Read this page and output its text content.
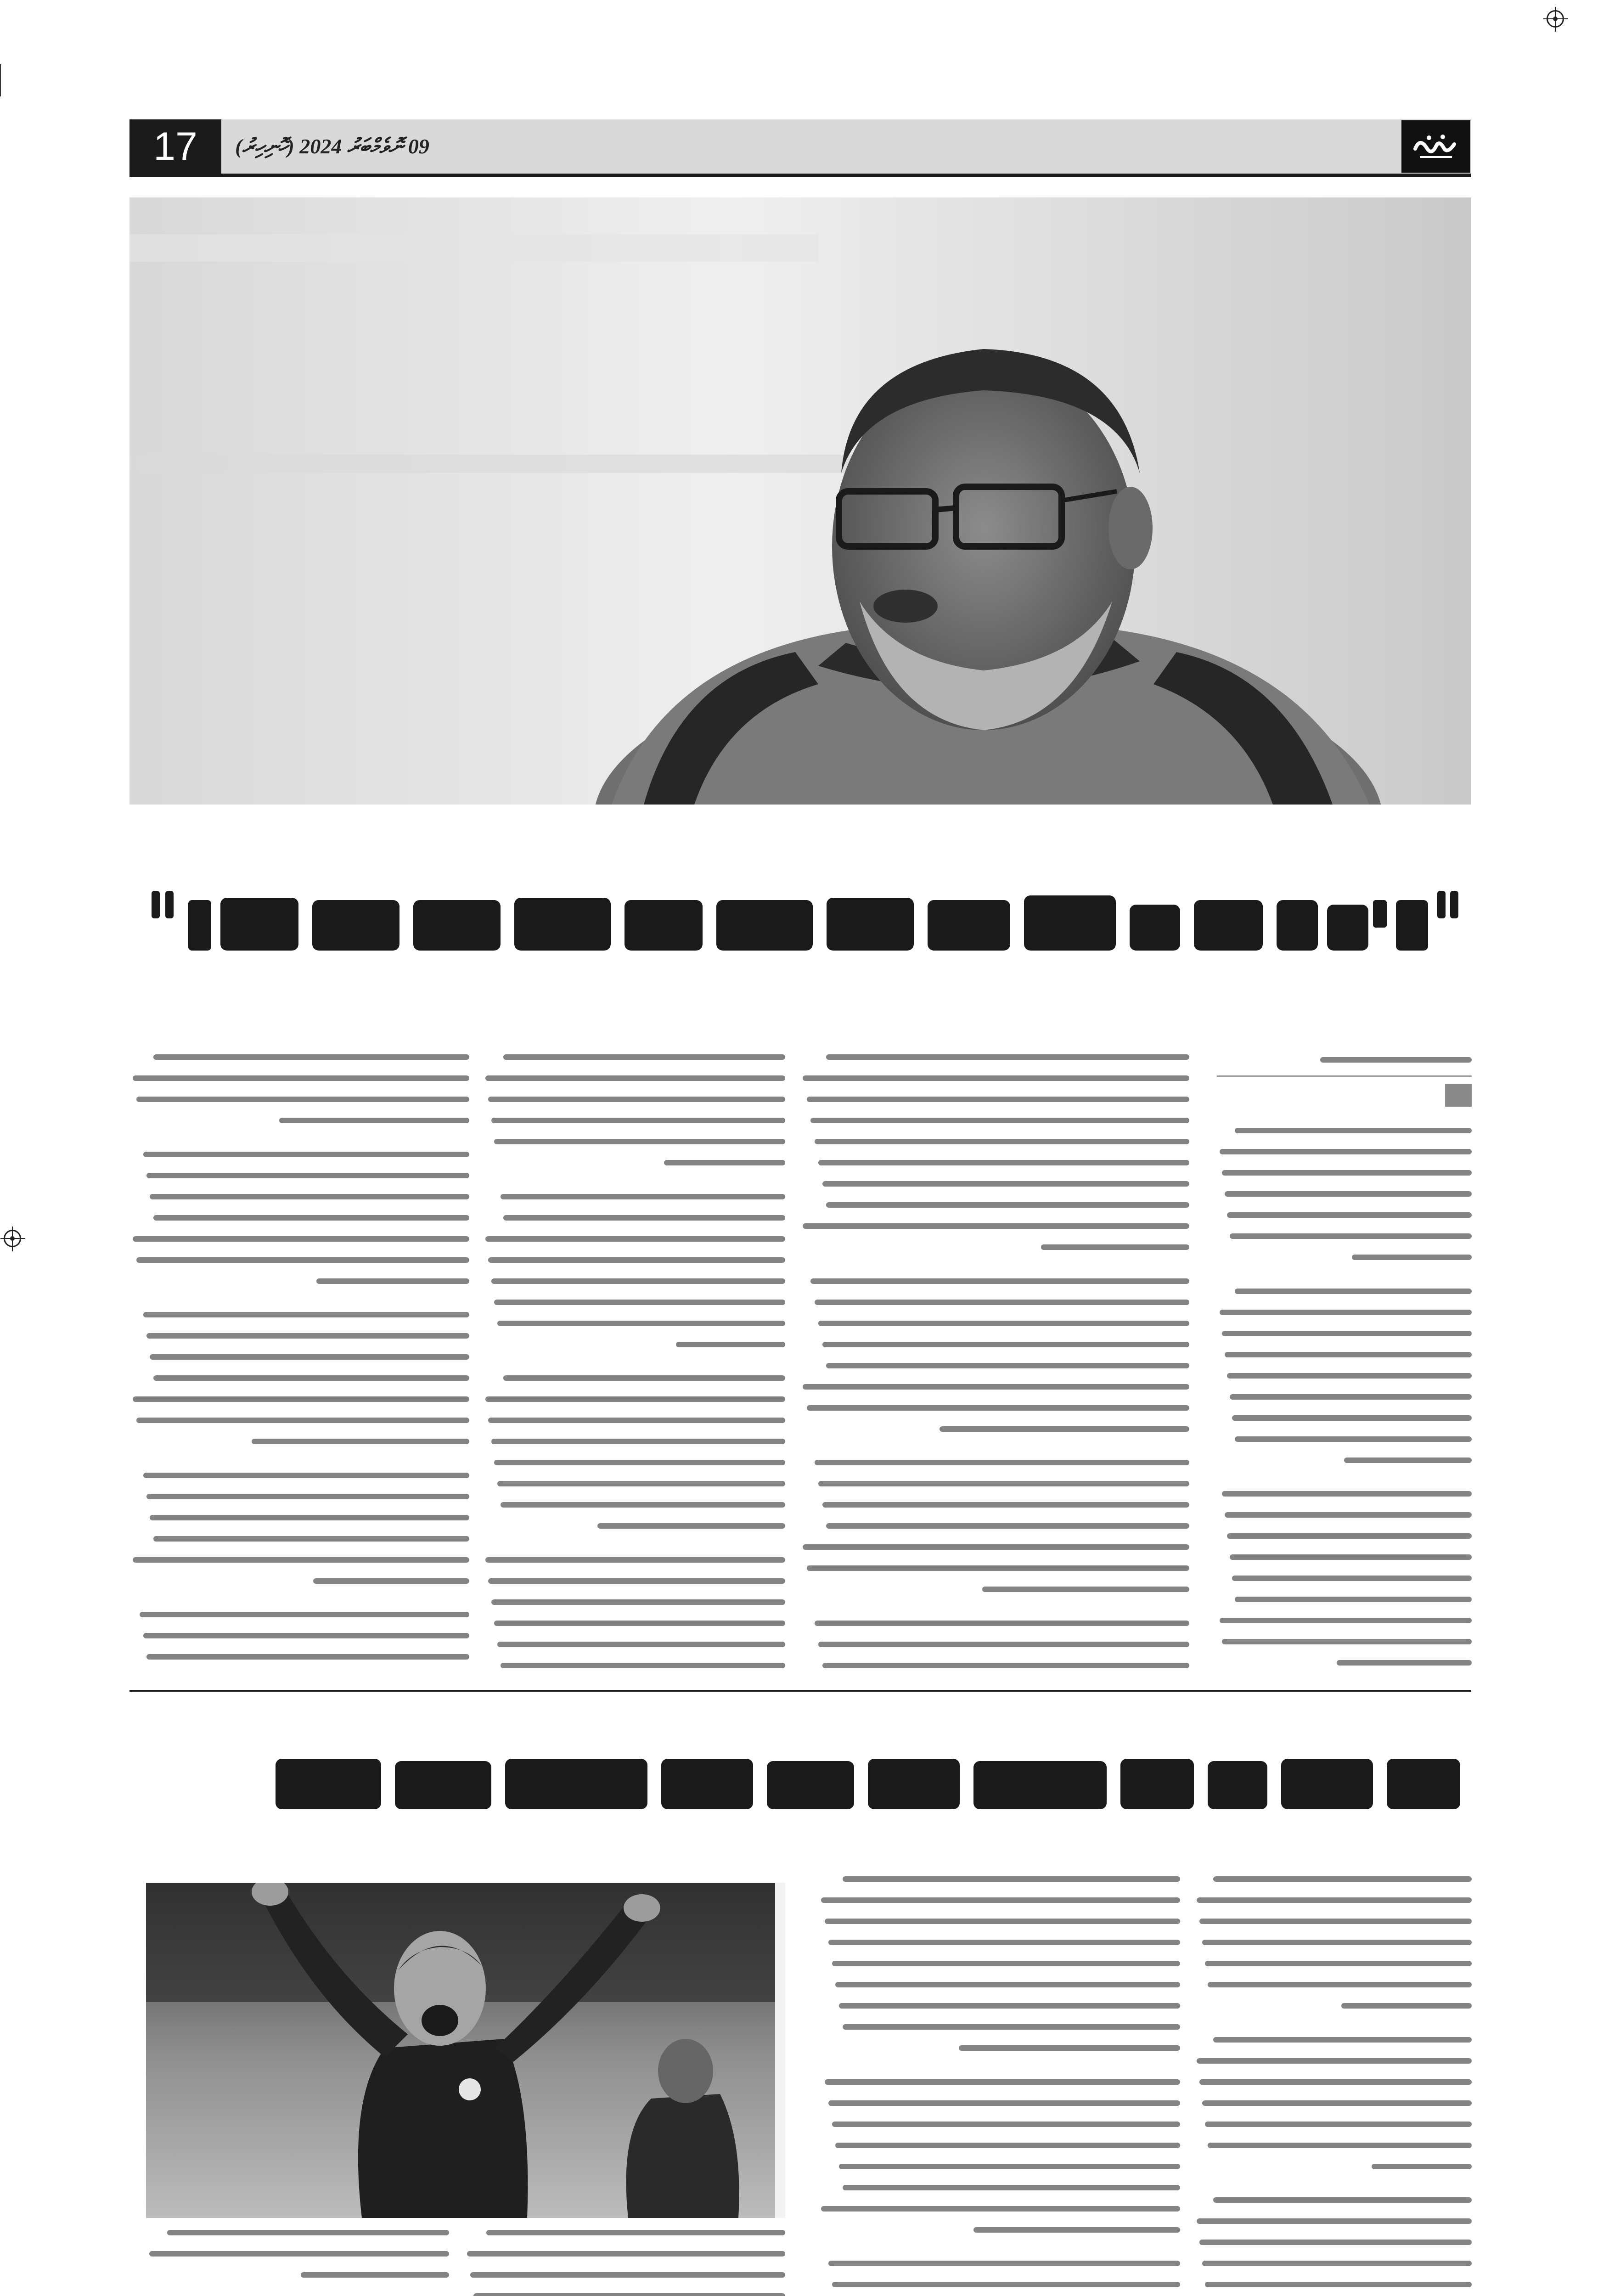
17 09 ނޮވެމްބަރު 2024 (ހޮނިހިރު)
